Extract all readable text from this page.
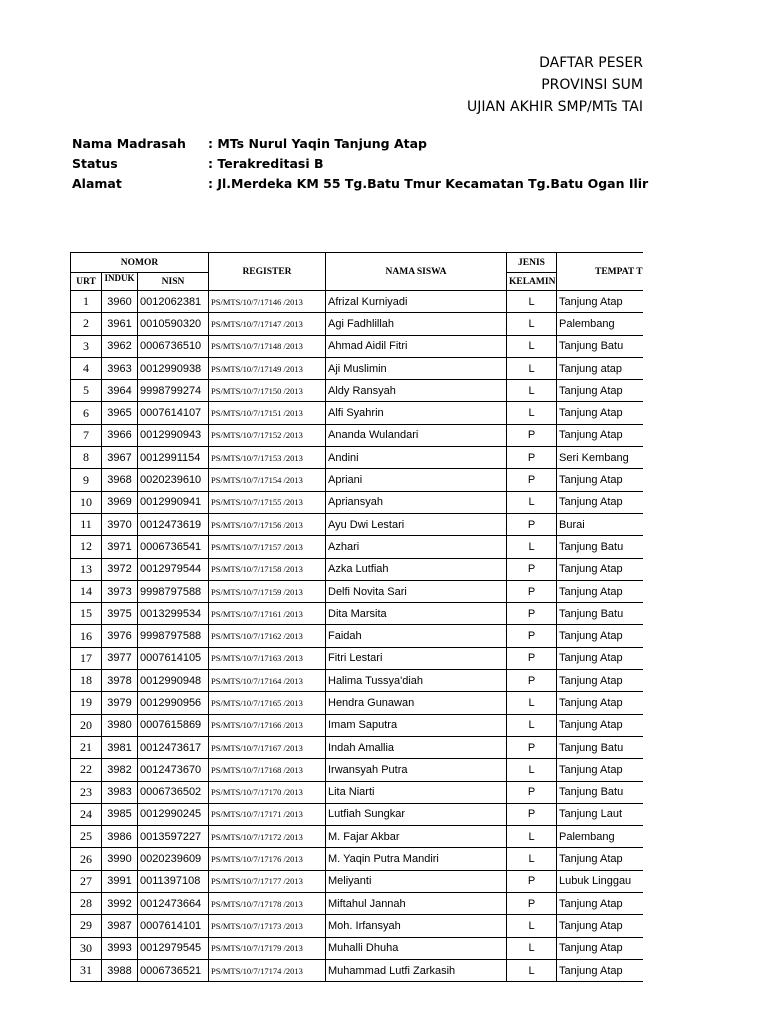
DAFTAR PESER
PROVINSI SUM
UJIAN AKHIR SMP/MTs TAI
Nama Madrasah : MTs Nurul Yaqin Tanjung Atap
Status	: Terakreditasi B
Alamat	: Jl.Merdeka KM 55 Tg.Batu Tmur Kecamatan Tg.Batu Ogan Ilir
NOMOR			REGISTER	NAMA SISWA	JENIS	TEMPAT T
URT	INDUK	NISN			KELAMIN	
1	3960	0012062381	PS/MTS/10/7/17146 /2013	Afrizal Kurniyadi	L	Tanjung Atap
2	3961	0010590320	PS/MTS/10/7/17147 /2013	Agi Fadhlillah	L	Palembang
3	3962	0006736510	PS/MTS/10/7/17148 /2013	Ahmad Aidil Fitri	L	Tanjung Batu
4	3963	0012990938	PS/MTS/10/7/17149 /2013	Aji Muslimin	L	Tanjung atap
5	3964	9998799274	PS/MTS/10/7/17150 /2013	Aldy Ransyah	L	Tanjung Atap
6	3965	0007614107	PS/MTS/10/7/17151 /2013	Alfi Syahrin	L	Tanjung Atap
7	3966	0012990943	PS/MTS/10/7/17152 /2013	Ananda Wulandari	P	Tanjung Atap
8	3967	0012991154	PS/MTS/10/7/17153 /2013	Andini	P	Seri Kembang
9	3968	0020239610	PS/MTS/10/7/17154 /2013	Apriani	P	Tanjung Atap
10	3969	0012990941	PS/MTS/10/7/17155 /2013	Apriansyah	L	Tanjung Atap
11	3970	0012473619	PS/MTS/10/7/17156 /2013	Ayu Dwi Lestari	P	Burai
12	3971	0006736541	PS/MTS/10/7/17157 /2013	Azhari	L	Tanjung Batu
13	3972	0012979544	PS/MTS/10/7/17158 /2013	Azka Lutfiah	P	Tanjung Atap
14	3973	9998797588	PS/MTS/10/7/17159 /2013	Delfi Novita Sari	P	Tanjung Atap
15	3975	0013299534	PS/MTS/10/7/17161 /2013	Dita Marsita	P	Tanjung Batu
16	3976	9998797588	PS/MTS/10/7/17162 /2013	Faidah	P	Tanjung Atap
17	3977	0007614105	PS/MTS/10/7/17163 /2013	Fitri Lestari	P	Tanjung Atap
18	3978	0012990948	PS/MTS/10/7/17164 /2013	Halima Tussya'diah	P	Tanjung Atap
19	3979	0012990956	PS/MTS/10/7/17165 /2013	Hendra Gunawan	L	Tanjung Atap
20	3980	0007615869	PS/MTS/10/7/17166 /2013	Imam Saputra	L	Tanjung Atap
21	3981	0012473617	PS/MTS/10/7/17167 /2013	Indah Amallia	P	Tanjung Batu
22	3982	0012473670	PS/MTS/10/7/17168 /2013	Irwansyah Putra	L	Tanjung Atap
23	3983	0006736502	PS/MTS/10/7/17170 /2013	Lita Niarti	P	Tanjung Batu
24	3985	0012990245	PS/MTS/10/7/17171 /2013	Lutfiah Sungkar	P	Tanjung Laut
25	3986	0013597227	PS/MTS/10/7/17172 /2013	M. Fajar Akbar	L	Palembang
26	3990	0020239609	PS/MTS/10/7/17176 /2013	M. Yaqin Putra Mandiri	L	Tanjung Atap
27	3991	0011397108	PS/MTS/10/7/17177 /2013	Meliyanti	P	Lubuk Linggau
28	3992	0012473664	PS/MTS/10/7/17178 /2013	Miftahul Jannah	P	Tanjung Atap
29	3987	0007614101	PS/MTS/10/7/17173 /2013	Moh. Irfansyah	L	Tanjung Atap
30	3993	0012979545	PS/MTS/10/7/17179 /2013	Muhalli Dhuha	L	Tanjung Atap
31	3988	0006736521	PS/MTS/10/7/17174 /2013	Muhammad Lutfi Zarkasih	L	Tanjung Atap
